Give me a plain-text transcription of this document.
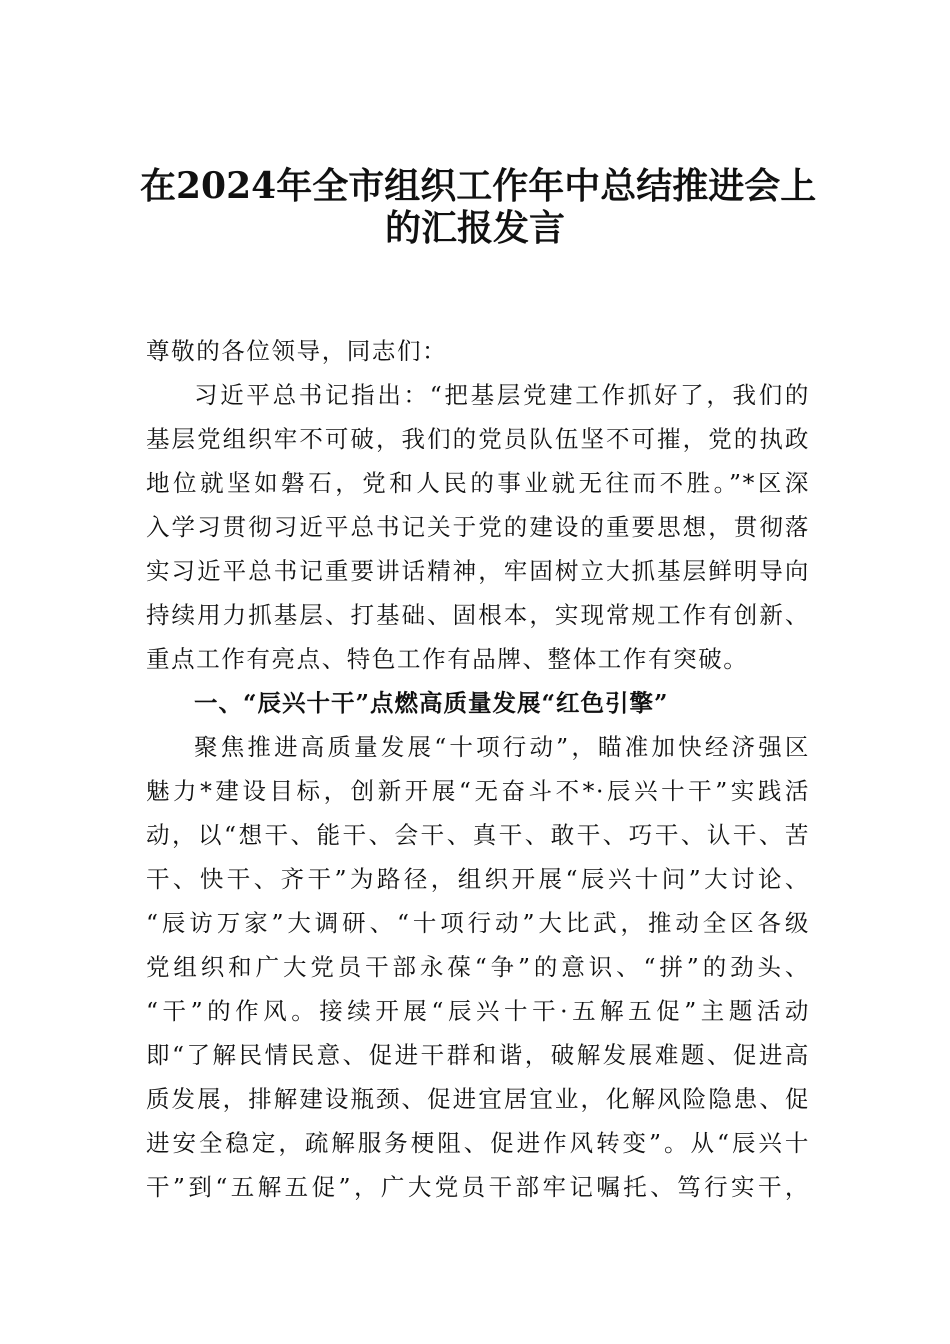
在2024年全市组织工作年中总结推进会上
的汇报发言
尊敬的各位领导，同志们：
习近平总书记指出：“把基层党建工作抓好了，我们的
基层党组织牢不可破，我们的党员队伍坚不可摧，党的执政
地位就坚如磐石，党和人民的事业就无往而不胜。”*区深
入学习贯彻习近平总书记关于党的建设的重要思想，贯彻落
实习近平总书记重要讲话精神，牢固树立大抓基层鲜明导向
持续用力抓基层、打基础、固根本，实现常规工作有创新、
重点工作有亮点、特色工作有品牌、整体工作有突破。
一、“辰兴十干”点燃高质量发展“红色引擎”
聚焦推进高质量发展“十项行动”，瞄准加快经济强区
魅力*建设目标，创新开展“无奋斗不*·辰兴十干”实践活
动，以“想干、能干、会干、真干、敢干、巧干、认干、苦
干、快干、齐干”为路径，组织开展“辰兴十问”大讨论、
“辰访万家”大调研、“十项行动”大比武，推动全区各级
党组织和广大党员干部永葆“争”的意识、“拼”的劲头、
“干”的作风。接续开展“辰兴十干·五解五促”主题活动
即“了解民情民意、促进干群和谐，破解发展难题、促进高
质发展，排解建设瓶颈、促进宜居宜业，化解风险隐患、促
进安全稳定，疏解服务梗阻、促进作风转变”。从“辰兴十
干”到“五解五促”，广大党员干部牢记嘱托、笃行实干，
